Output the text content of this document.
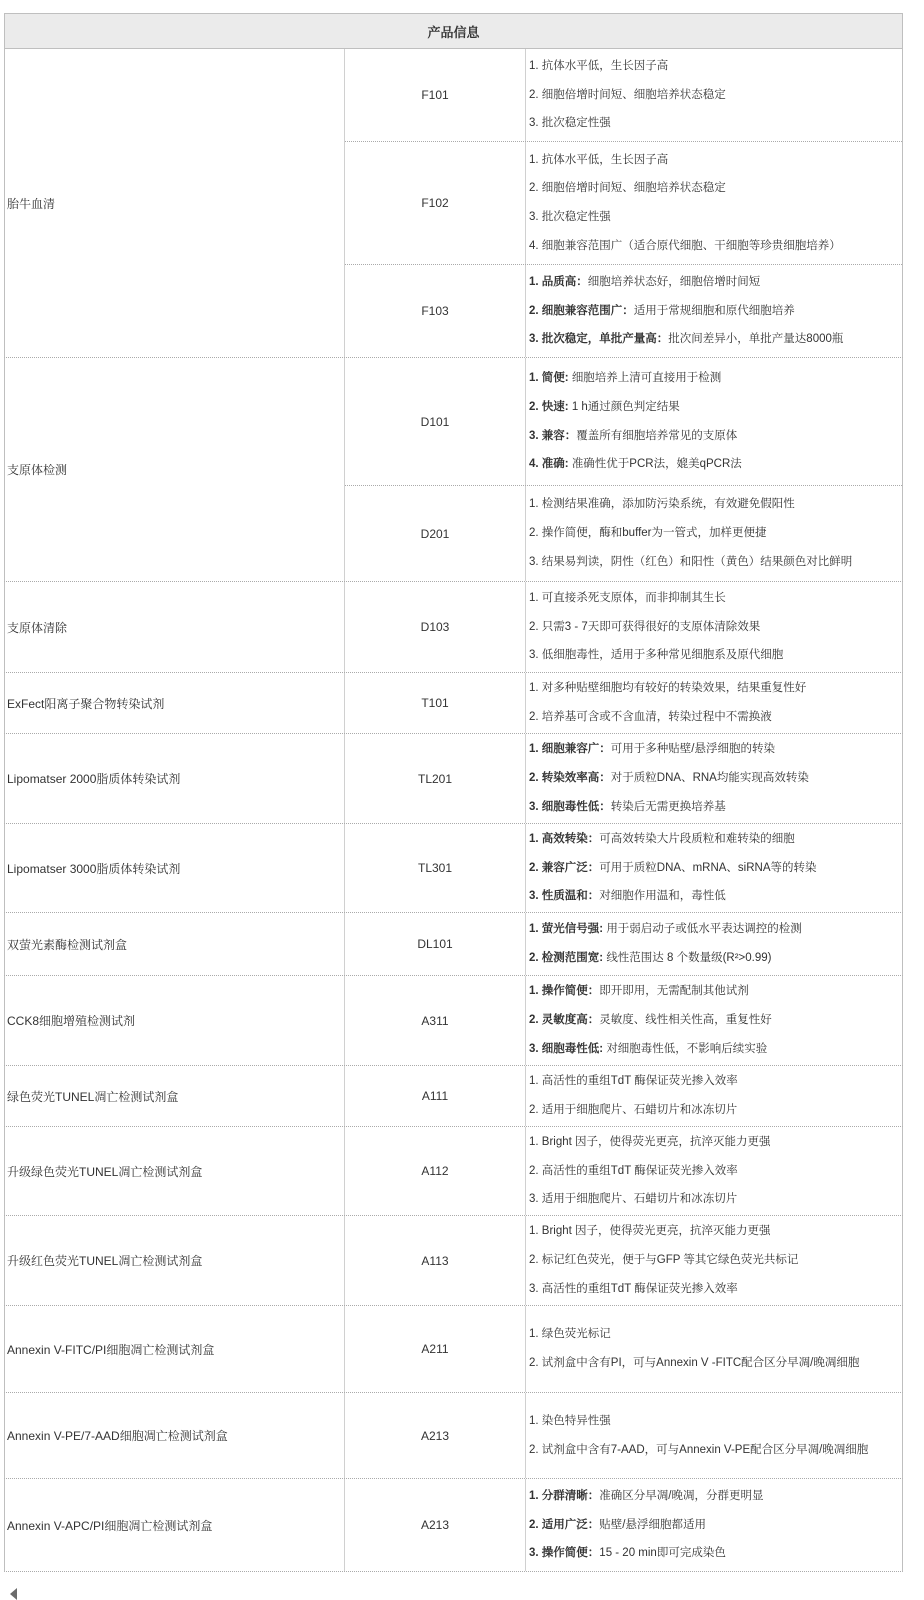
产品信息
胎牛血清
F101
1. 抗体水平低，生长因子高
2. 细胞倍增时间短、细胞培养状态稳定
3. 批次稳定性强
F102
1. 抗体水平低，生长因子高
2. 细胞倍增时间短、细胞培养状态稳定
3. 批次稳定性强
4. 细胞兼容范围广（适合原代细胞、干细胞等珍贵细胞培养）
F103
1. 品质高：细胞培养状态好，细胞倍增时间短
2. 细胞兼容范围广：适用于常规细胞和原代细胞培养
3. 批次稳定，单批产量高：批次间差异小，单批产量达8000瓶
支原体检测
D101
1. 简便: 细胞培养上清可直接用于检测
2. 快速: 1 h通过颜色判定结果
3. 兼容：覆盖所有细胞培养常见的支原体
4. 准确: 准确性优于PCR法，媲美qPCR法
D201
1. 检测结果准确，添加防污染系统，有效避免假阳性
2. 操作简便，酶和buffer为一管式，加样更便捷
3. 结果易判读，阴性（红色）和阳性（黄色）结果颜色对比鲜明
支原体清除	D103
1. 可直接杀死支原体，而非抑制其生长
2. 只需3 - 7天即可获得很好的支原体清除效果
3. 低细胞毒性，适用于多种常见细胞系及原代细胞
ExFect阳离子聚合物转染试剂	T101
1. 对多种贴壁细胞均有较好的转染效果，结果重复性好
2. 培养基可含或不含血清，转染过程中不需换液
Lipomatser 2000脂质体转染试剂	TL201
1. 细胞兼容广：可用于多种贴壁/悬浮细胞的转染
2. 转染效率高：对于质粒DNA、RNA均能实现高效转染
3. 细胞毒性低：转染后无需更换培养基
Lipomatser 3000脂质体转染试剂	TL301
1. 高效转染：可高效转染大片段质粒和难转染的细胞
2. 兼容广泛：可用于质粒DNA、mRNA、siRNA等的转染
3. 性质温和：对细胞作用温和，毒性低
双萤光素酶检测试剂盒	DL101
1. 萤光信号强: 用于弱启动子或低水平表达调控的检测
2. 检测范围宽: 线性范围达 8 个数量级(R²>0.99)
CCK8细胞增殖检测试剂	A311
1. 操作简便：即开即用，无需配制其他试剂
2. 灵敏度高：灵敏度、线性相关性高，重复性好
3. 细胞毒性低: 对细胞毒性低，不影响后续实验
绿色荧光TUNEL凋亡检测试剂盒	A111
1. 高活性的重组TdT 酶保证荧光掺入效率
2. 适用于细胞爬片、石蜡切片和冰冻切片
升级绿色荧光TUNEL凋亡检测试剂盒	A112
1. Bright 因子，使得荧光更亮，抗淬灭能力更强
2. 高活性的重组TdT 酶保证荧光掺入效率
3. 适用于细胞爬片、石蜡切片和冰冻切片
升级红色荧光TUNEL凋亡检测试剂盒	A113
1. Bright 因子，使得荧光更亮，抗淬灭能力更强
2. 标记红色荧光，便于与GFP 等其它绿色荧光共标记
3. 高活性的重组TdT 酶保证荧光掺入效率
Annexin V-FITC/PI细胞凋亡检测试剂盒	A211
1. 绿色荧光标记
2. 试剂盒中含有PI，可与Annexin V -FITC配合区分早凋/晚凋细胞
Annexin V-PE/7-AAD细胞凋亡检测试剂盒	A213
1. 染色特异性强
2. 试剂盒中含有7-AAD，可与Annexin V-PE配合区分早凋/晚凋细胞
Annexin V-APC/PI细胞凋亡检测试剂盒	A213
1. 分群清晰：准确区分早凋/晚凋，分群更明显
2. 适用广泛：贴壁/悬浮细胞都适用
3. 操作简便：15 - 20 min即可完成染色
